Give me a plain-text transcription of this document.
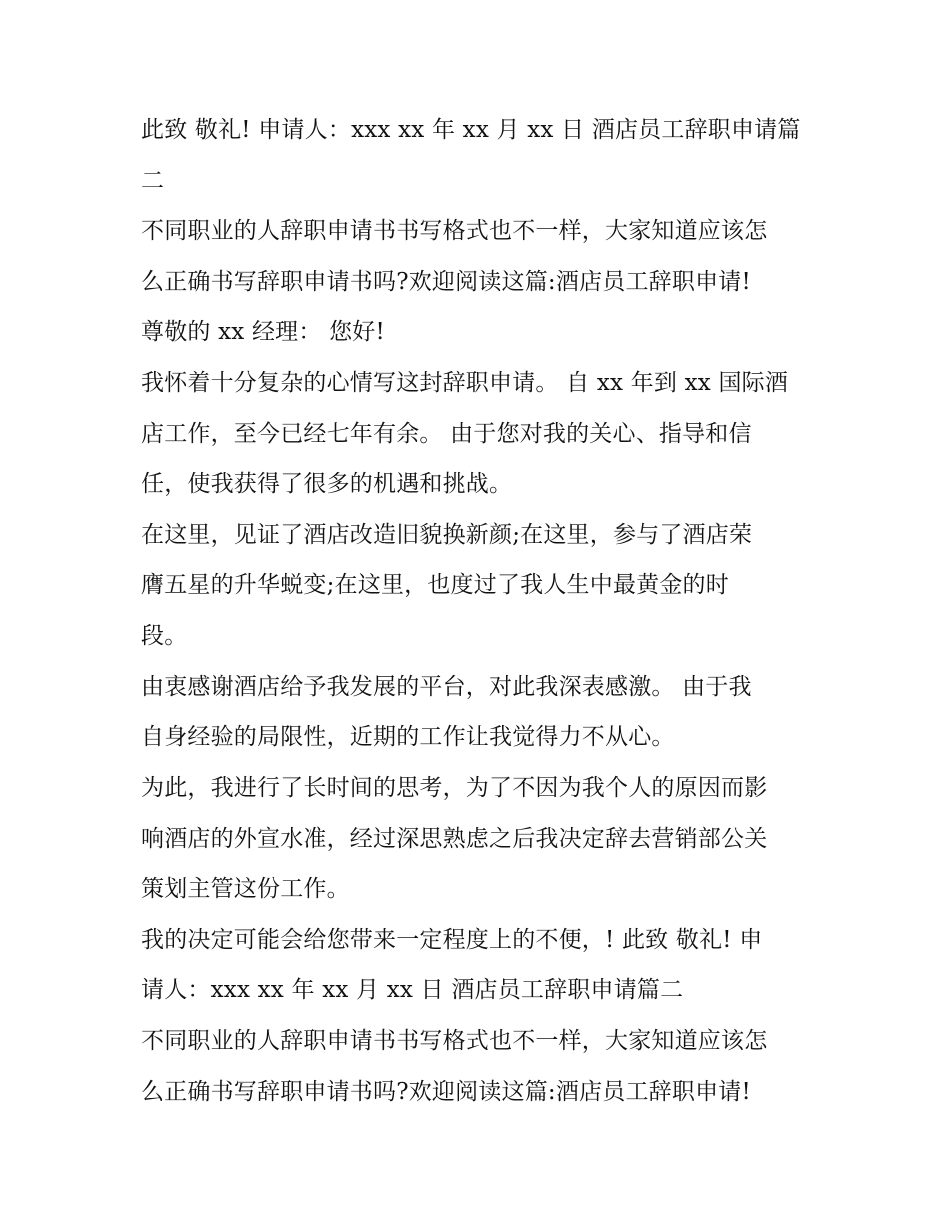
此致 敬礼! 申请人：xxx xx 年 xx 月 xx 日 酒店员工辞职申请篇

二

不同职业的人辞职申请书书写格式也不一样，大家知道应该怎

么正确书写辞职申请书吗?欢迎阅读这篇:酒店员工辞职申请!

尊敬的 xx 经理： 您好!

我怀着十分复杂的心情写这封辞职申请。 自 xx 年到 xx 国际酒

店工作，至今已经七年有余。 由于您对我的关心、指导和信

任，使我获得了很多的机遇和挑战。

在这里，见证了酒店改造旧貌换新颜;在这里，参与了酒店荣

膺五星的升华蜕变;在这里，也度过了我人生中最黄金的时

段。

由衷感谢酒店给予我发展的平台，对此我深表感激。 由于我

自身经验的局限性，近期的工作让我觉得力不从心。

为此，我进行了长时间的思考，为了不因为我个人的原因而影

响酒店的外宣水准，经过深思熟虑之后我决定辞去营销部公关

策划主管这份工作。

我的决定可能会给您带来一定程度上的不便，! 此致 敬礼! 申

请人：xxx xx 年 xx 月 xx 日 酒店员工辞职申请篇二

不同职业的人辞职申请书书写格式也不一样，大家知道应该怎

么正确书写辞职申请书吗?欢迎阅读这篇:酒店员工辞职申请!
